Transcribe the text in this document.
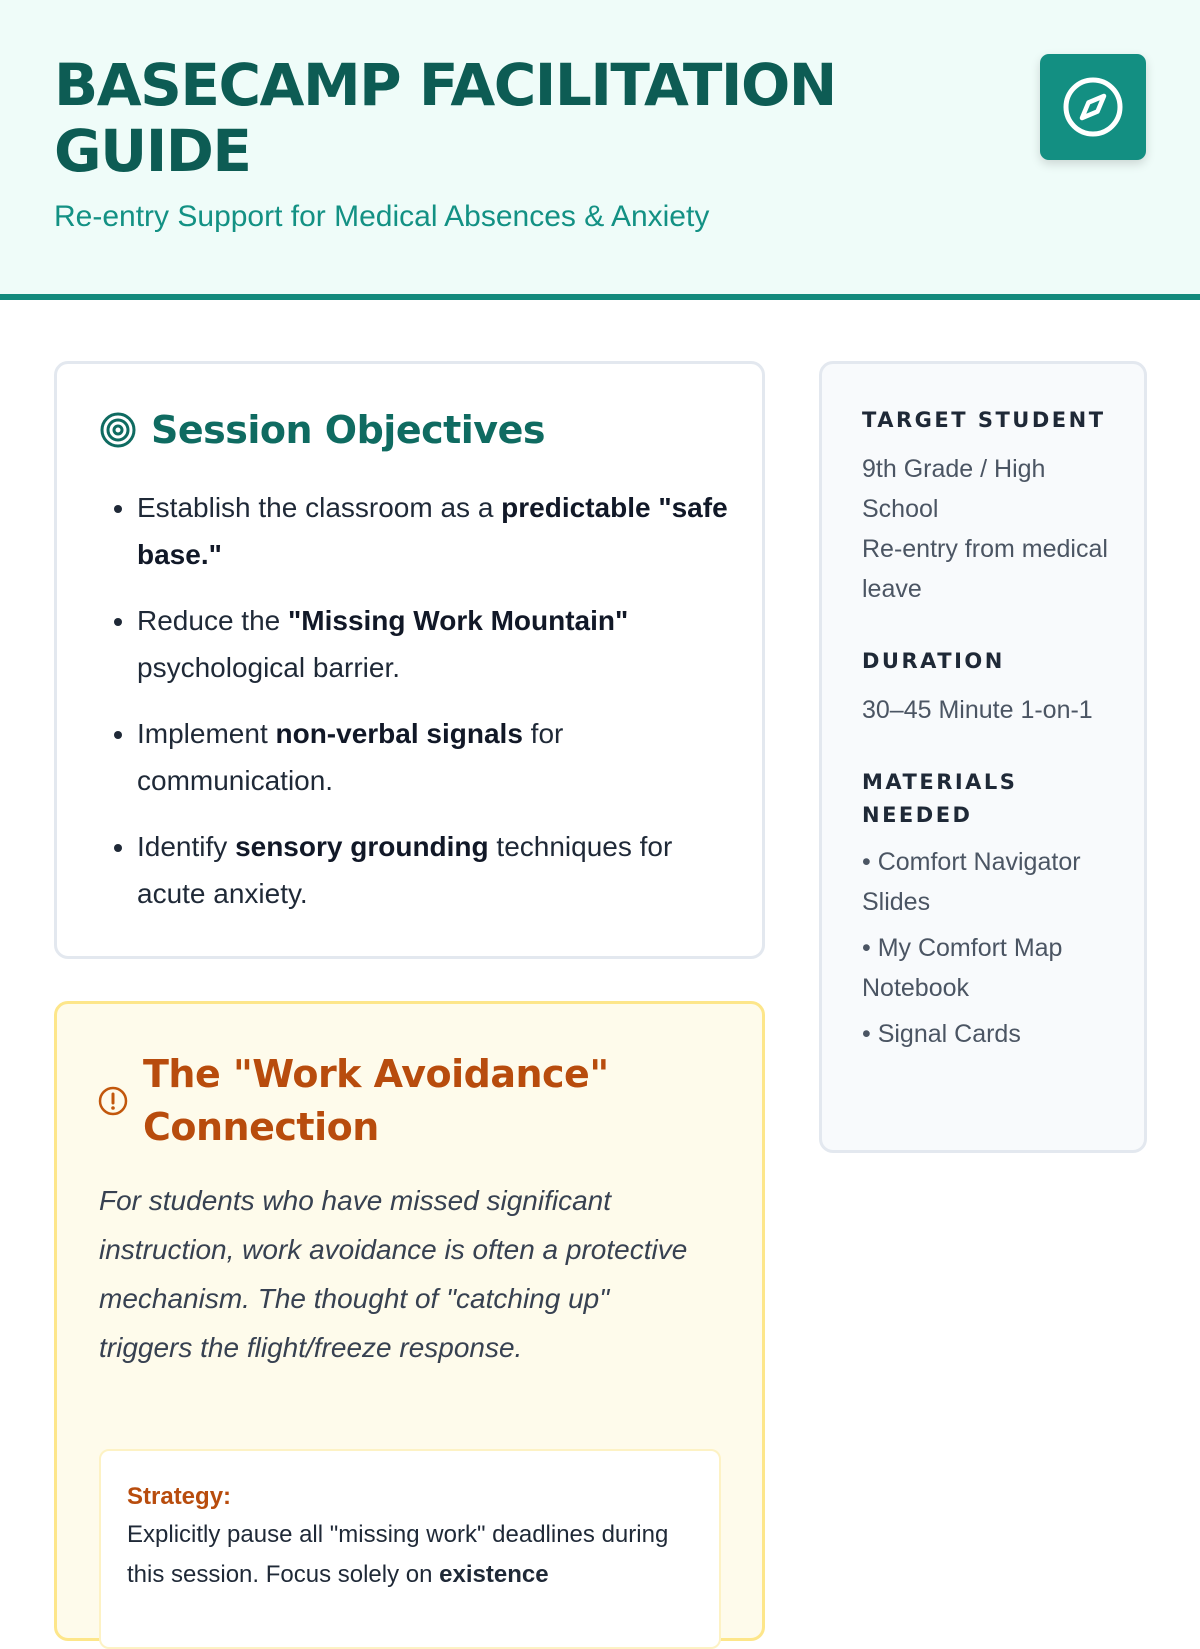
BASECAMP FACILITATION GUIDE

Re-entry Support for Medical Absences & Anxiety

Session Objectives
• Establish the classroom as a predictable "safe base."
• Reduce the "Missing Work Mountain" psychological barrier.
• Implement non-verbal signals for communication.
• Identify sensory grounding techniques for acute anxiety.
The "Work Avoidance" Connection

For students who have missed significant instruction, work avoidance is often a protective mechanism. The thought of "catching up" triggers the flight/freeze response.

Strategy:
Explicitly pause all "missing work" deadlines during this session. Focus solely on existence
TARGET STUDENT

9th Grade / High School
Re-entry from medical leave

DURATION

30–45 Minute 1-on-1

MATERIALS NEEDED
• Comfort Navigator Slides
• My Comfort Map Notebook
• Signal Cards
